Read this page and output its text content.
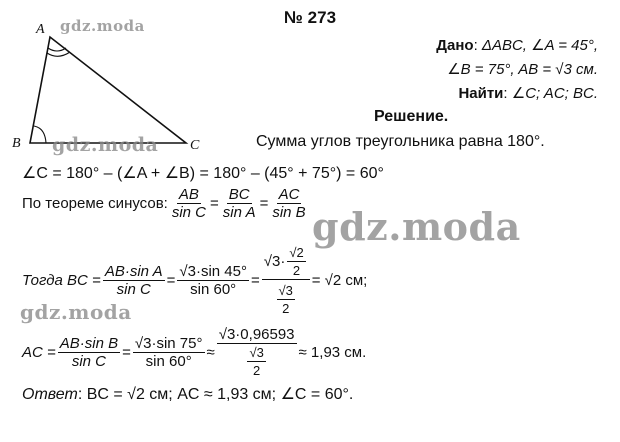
A
B	C
№ 273
Дано: ΔABC, ∠A = 45°,
∠B = 75°, AB = √3 см.
Найти: ∠C; AC; BC.
Решение.
Сумма углов треугольника равна 180°.
∠C = 180° – (∠A + ∠B) = 180° – (45° + 75°) = 60°
По теореме синусов: $\frac{AB}{\text{sin C}} = \frac{BC}{\text{sin A}} = \frac{AC}{\text{sin B}}$
Тогда BC = $\frac{\text{AB·sin A}}{\text{sin C}} = \frac{√3\cdot\sin 45^\circ}{\sin 60^\circ} = \frac{√3\cdot \frac{√2}{2}}{\frac{√3}{2}} = √2$ см;
AC = $\frac{\text{AB·sin B}}{\text{sin C}} = \frac{√3\cdot\sin 75^\circ}{\sin 60^\circ} \approx \frac{√3\cdot 0,96593}{\frac{√3}{2}} \approx 1,93$ см.
Ответ: BC = √2 см; AC ≈ 1,93 см; ∠C = 60°.
gdz.moda
gdz.moda
gdz.moda
gdz.moda
